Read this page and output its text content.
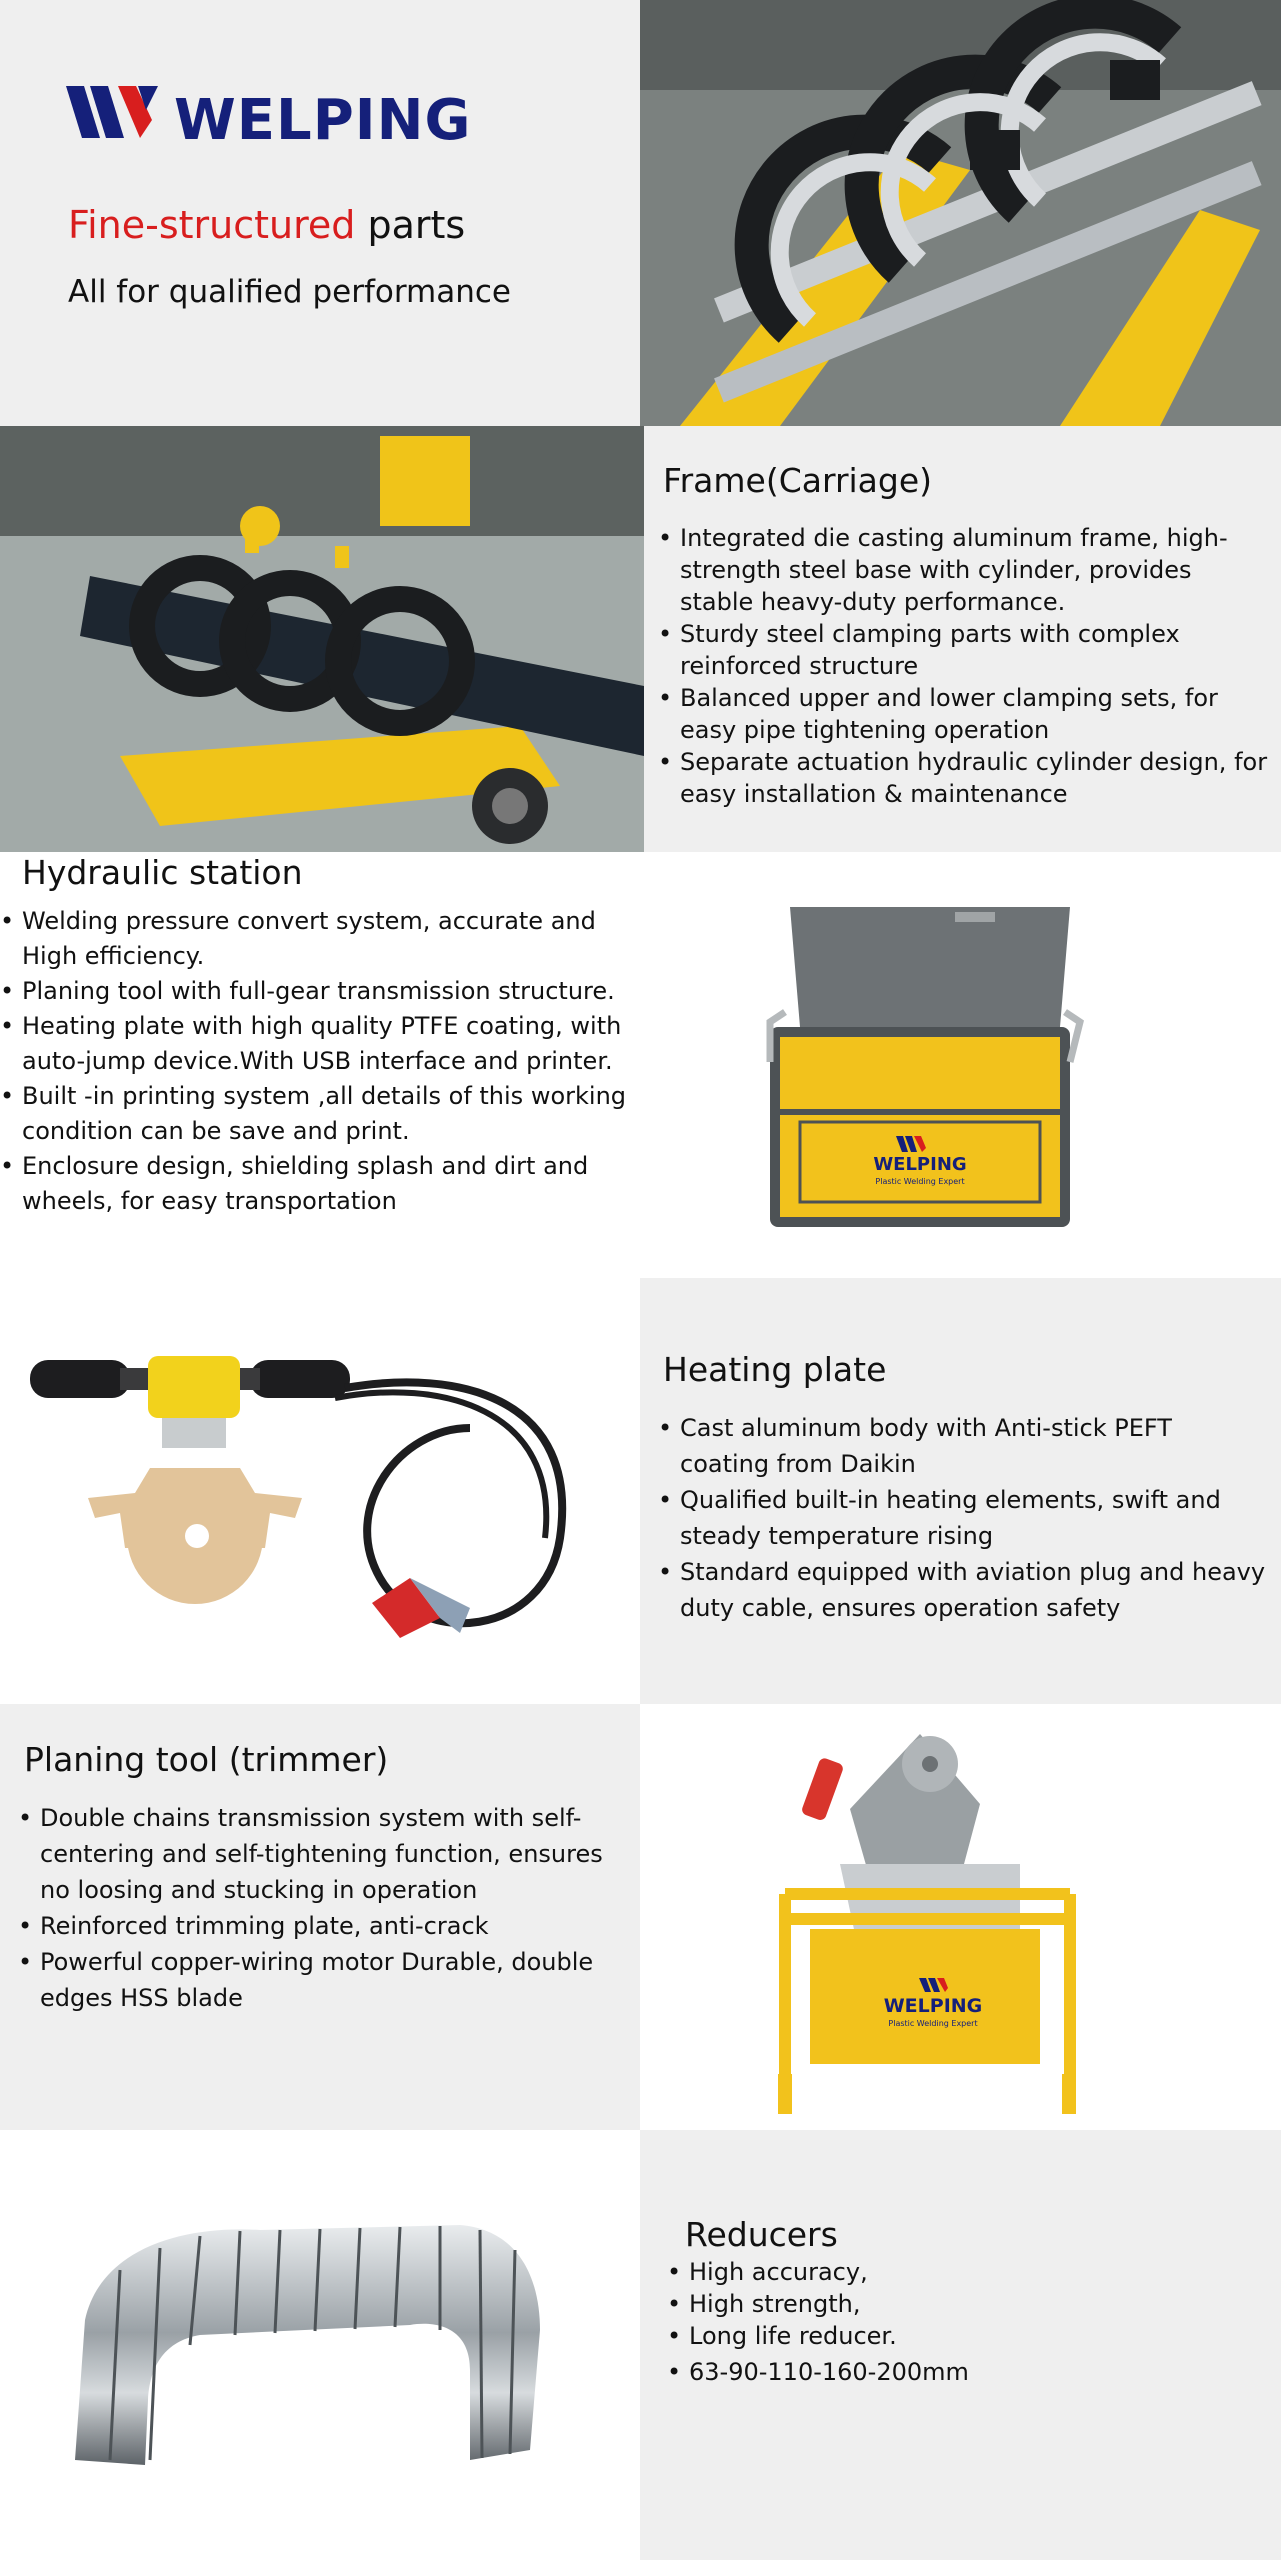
WELPING
Fine-structured parts
All for qualified performance
Frame(Carriage)
• Integrated die casting aluminum frame, high-strength steel base with cylinder, provides stable heavy-duty performance.
• Sturdy steel clamping parts with complex reinforced structure
• Balanced upper and lower clamping sets, for easy pipe tightening operation
• Separate actuation hydraulic cylinder design, for easy installation & maintenance
Hydraulic station
• Welding pressure convert system, accurate and High efficiency.
• Planing tool with full-gear transmission structure.
• Heating plate with high quality PTFE coating, with auto-jump device.With USB interface and printer.
• Built -in printing system ,all details of this working condition can be save and print.
• Enclosure design, shielding splash and dirt and wheels, for easy transportation
WELPING
Plastic Welding Expert
Heating plate
• Cast aluminum body with Anti-stick PEFT coating from Daikin
• Qualified built-in heating elements, swift and steady temperature rising
• Standard equipped with aviation plug and heavy duty cable, ensures operation safety
Planing tool (trimmer)
• Double chains transmission system with self-centering and self-tightening function, ensures no loosing and stucking in operation
• Reinforced trimming plate, anti-crack
• Powerful copper-wiring motor Durable, double edges HSS blade	WELPING
Plastic Welding Expert
Reducers
• High accuracy,
• High strength,
• Long life reducer.
• 63-90-110-160-200mm
